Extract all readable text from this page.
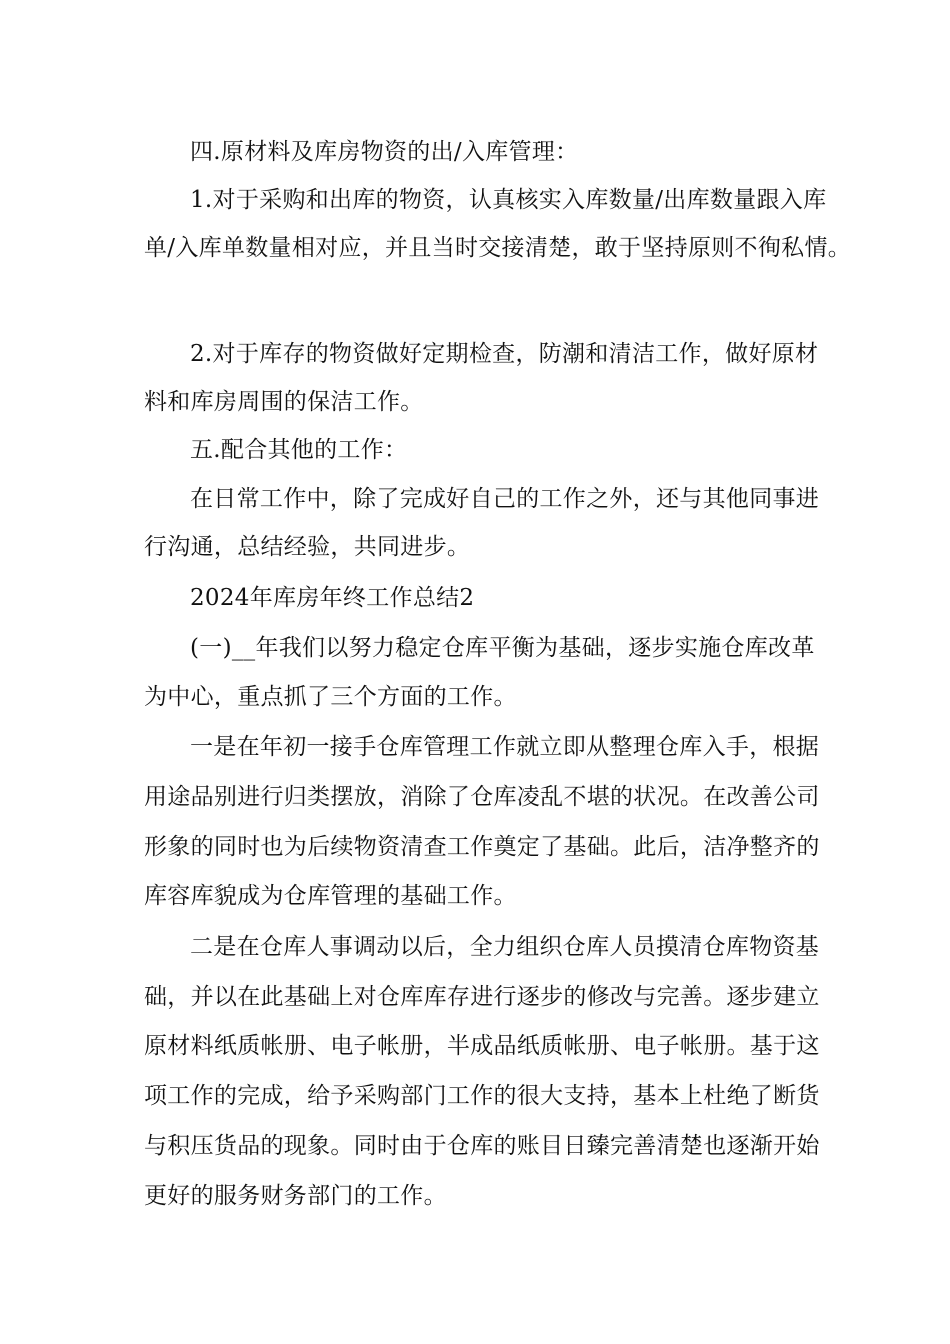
四.原材料及库房物资的出/入库管理：
1.对于采购和出库的物资，认真核实入库数量/出库数量跟入库
单/入库单数量相对应，并且当时交接清楚，敢于坚持原则不徇私情。
2.对于库存的物资做好定期检查，防潮和清洁工作，做好原材
料和库房周围的保洁工作。
五.配合其他的工作：
在日常工作中，除了完成好自己的工作之外，还与其他同事进
行沟通，总结经验，共同进步。
2024年库房年终工作总结2
(一)__年我们以努力稳定仓库平衡为基础，逐步实施仓库改革
为中心，重点抓了三个方面的工作。
一是在年初一接手仓库管理工作就立即从整理仓库入手，根据
用途品别进行归类摆放，消除了仓库凌乱不堪的状况。在改善公司
形象的同时也为后续物资清查工作奠定了基础。此后，洁净整齐的
库容库貌成为仓库管理的基础工作。
二是在仓库人事调动以后，全力组织仓库人员摸清仓库物资基
础，并以在此基础上对仓库库存进行逐步的修改与完善。逐步建立
原材料纸质帐册、电子帐册，半成品纸质帐册、电子帐册。基于这
项工作的完成，给予采购部门工作的很大支持，基本上杜绝了断货
与积压货品的现象。同时由于仓库的账目日臻完善清楚也逐渐开始
更好的服务财务部门的工作。
